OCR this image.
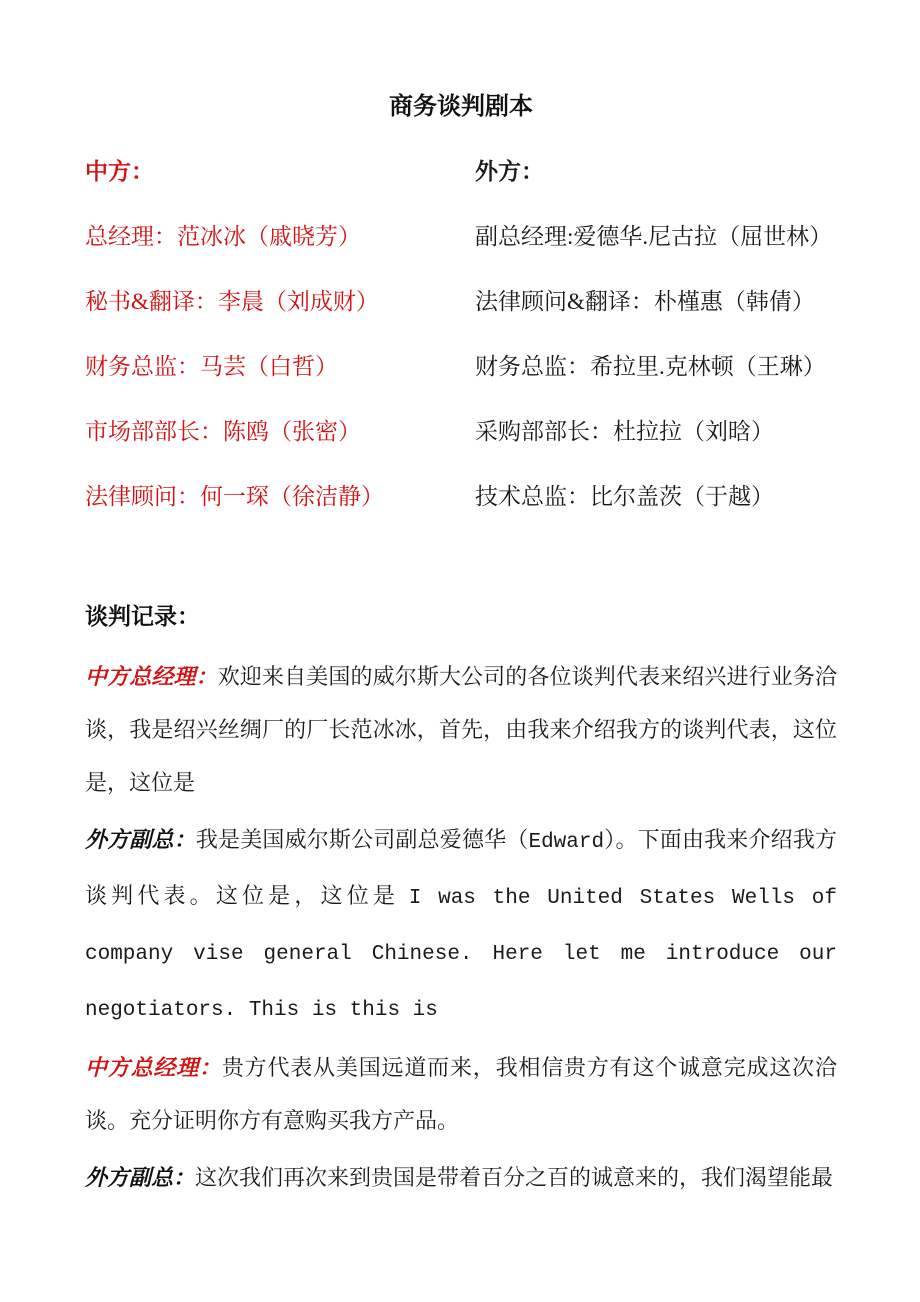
商务谈判剧本
中方：	外方：
总经理：范冰冰（戚晓芳）	副总经理:爱德华.尼古拉（屈世林）
秘书&翻译：李晨（刘成财）	法律顾问&翻译：朴槿惠（韩倩）
财务总监：马芸（白哲）	财务总监：希拉里.克林顿（王琳）
市场部部长：陈鸥（张密）	采购部部长：杜拉拉（刘晗）
法律顾问：何一琛（徐洁静）	技术总监：比尔盖茨（于越）
谈判记录：

中方总经理：欢迎来自美国的威尔斯大公司的各位谈判代表来绍兴进行业务洽谈，我是绍兴丝绸厂的厂长范冰冰，首先，由我来介绍我方的谈判代表，这位是，这位是

外方副总：我是美国威尔斯公司副总爱德华（Edward）。下面由我来介绍我方谈判代表。这位是，这位是 I was the United States Wells of company vise general Chinese. Here let me introduce our negotiators. This is this is

中方总经理：贵方代表从美国远道而来，我相信贵方有这个诚意完成这次洽谈。充分证明你方有意购买我方产品。

外方副总：这次我们再次来到贵国是带着百分之百的诚意来的，我们渴望能最
